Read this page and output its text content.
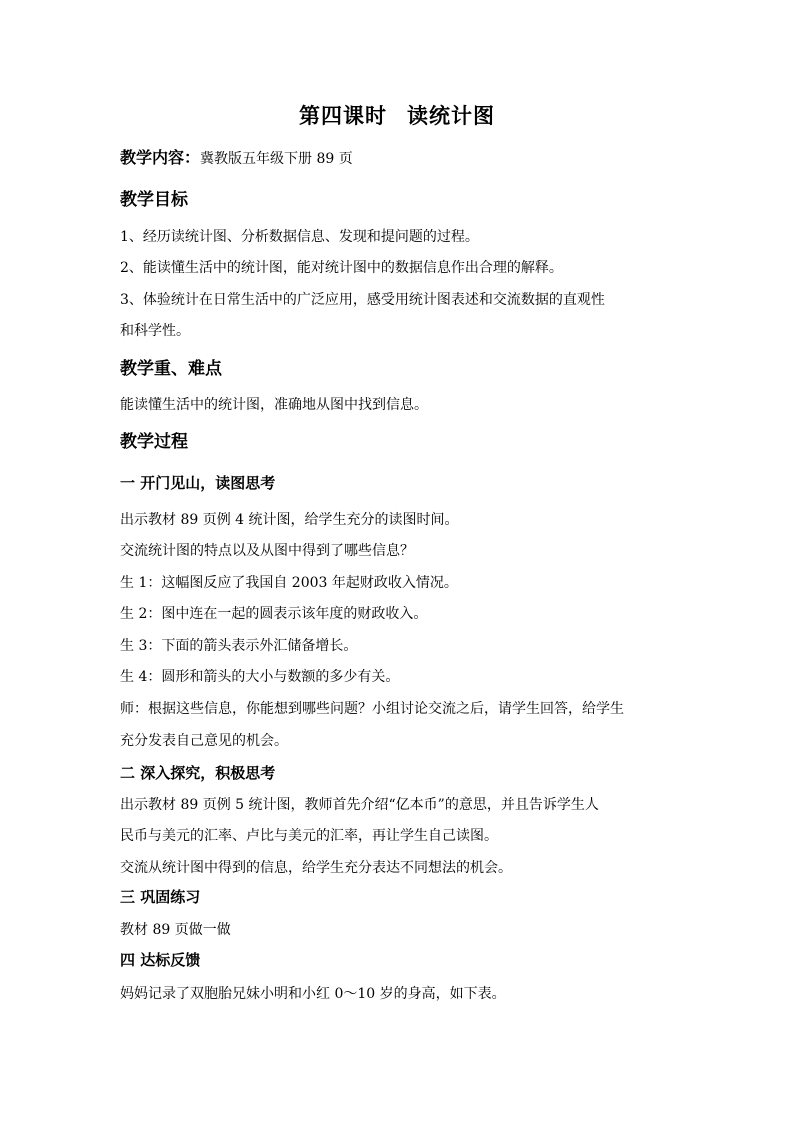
第四课时 读统计图
教学内容：冀教版五年级下册 89 页
教学目标
1、经历读统计图、分析数据信息、发现和提问题的过程。
2、能读懂生活中的统计图，能对统计图中的数据信息作出合理的解释。
3、体验统计在日常生活中的广泛应用，感受用统计图表述和交流数据的直观性
和科学性。
教学重、难点
能读懂生活中的统计图，准确地从图中找到信息。
教学过程
一 开门见山，读图思考
出示教材 89 页例 4 统计图，给学生充分的读图时间。
交流统计图的特点以及从图中得到了哪些信息？
生 1：这幅图反应了我国自 2003 年起财政收入情况。
生 2：图中连在一起的圆表示该年度的财政收入。
生 3：下面的箭头表示外汇储备增长。
生 4：圆形和箭头的大小与数额的多少有关。
师：根据这些信息，你能想到哪些问题？小组讨论交流之后，请学生回答，给学生
充分发表自己意见的机会。
二 深入探究，积极思考
出示教材 89 页例 5 统计图，教师首先介绍“亿本币”的意思，并且告诉学生人
民币与美元的汇率、卢比与美元的汇率，再让学生自己读图。
交流从统计图中得到的信息，给学生充分表达不同想法的机会。
三 巩固练习
教材 89 页做一做
四 达标反馈
妈妈记录了双胞胎兄妹小明和小红 0～10 岁的身高，如下表。
